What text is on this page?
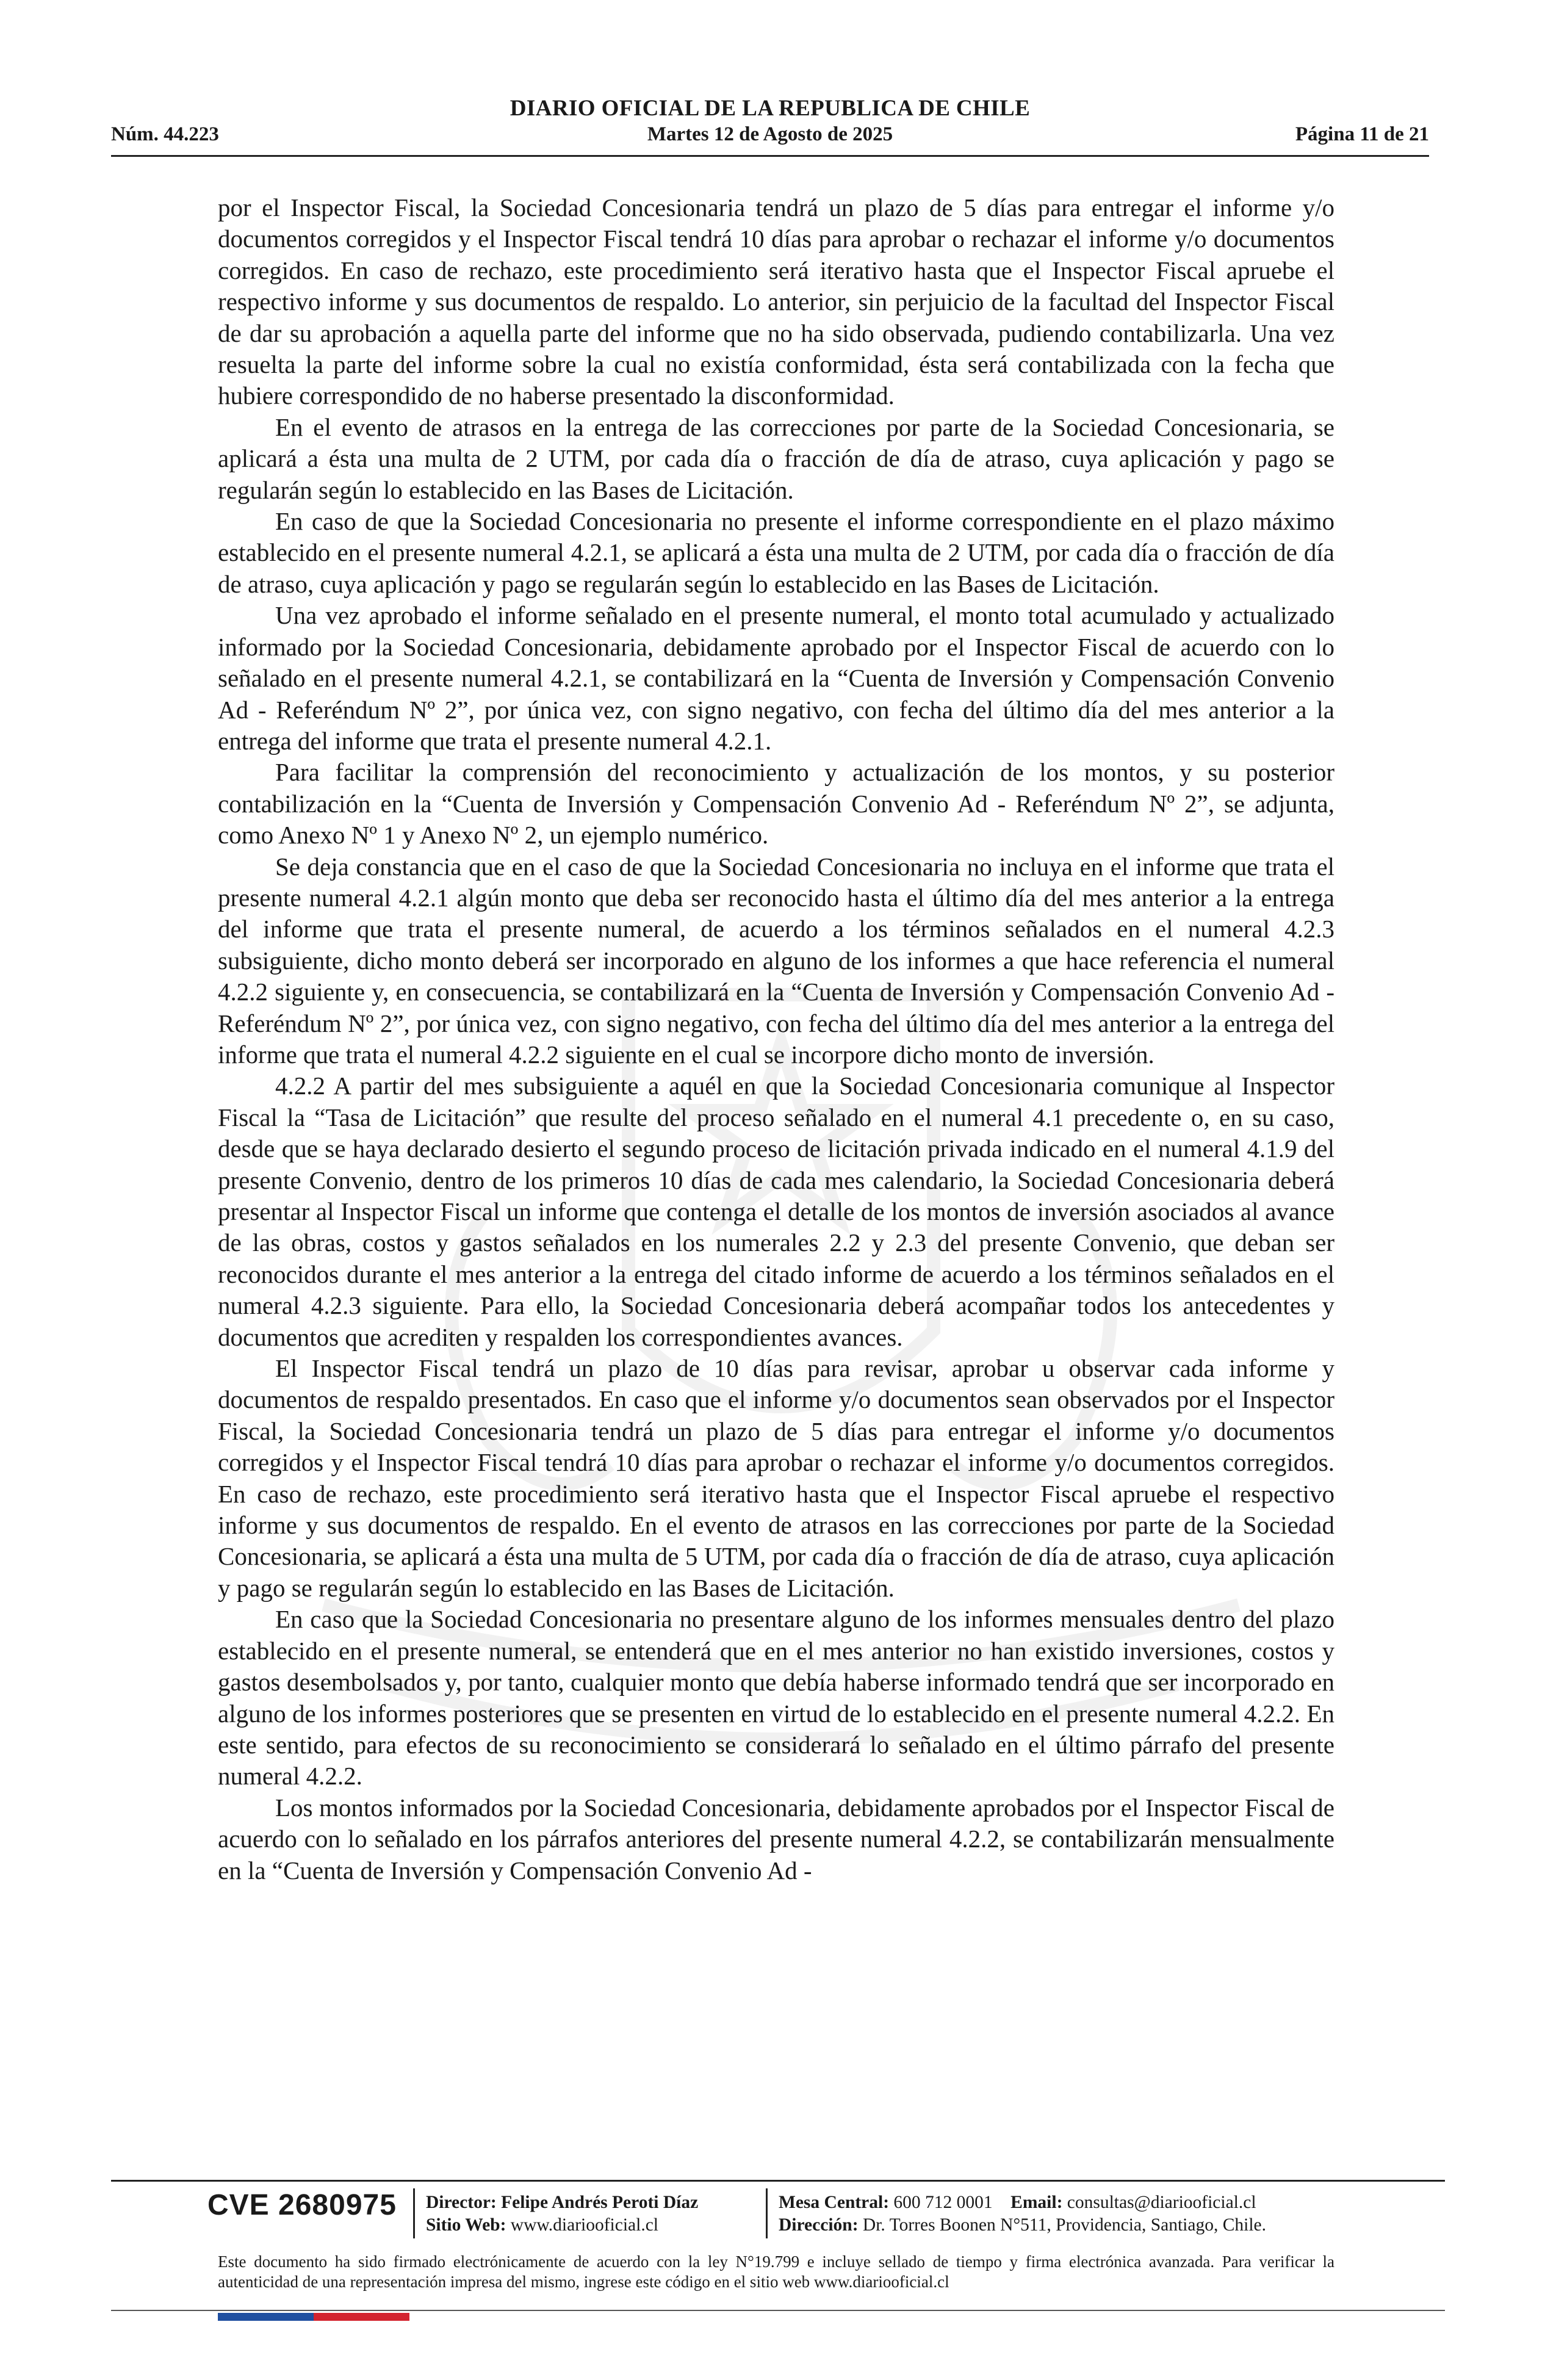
DIARIO OFICIAL DE LA REPUBLICA DE CHILE
Núm. 44.223	Martes 12 de Agosto de 2025	Página 11 de 21

por el Inspector Fiscal, la Sociedad Concesionaria tendrá un plazo de 5 días para entregar el informe y/o documentos corregidos y el Inspector Fiscal tendrá 10 días para aprobar o rechazar el informe y/o documentos corregidos. En caso de rechazo, este procedimiento será iterativo hasta que el Inspector Fiscal apruebe el respectivo informe y sus documentos de respaldo. Lo anterior, sin perjuicio de la facultad del Inspector Fiscal de dar su aprobación a aquella parte del informe que no ha sido observada, pudiendo contabilizarla. Una vez resuelta la parte del informe sobre la cual no existía conformidad, ésta será contabilizada con la fecha que hubiere correspondido de no haberse presentado la disconformidad.

En el evento de atrasos en la entrega de las correcciones por parte de la Sociedad Concesionaria, se aplicará a ésta una multa de 2 UTM, por cada día o fracción de día de atraso, cuya aplicación y pago se regularán según lo establecido en las Bases de Licitación.

En caso de que la Sociedad Concesionaria no presente el informe correspondiente en el plazo máximo establecido en el presente numeral 4.2.1, se aplicará a ésta una multa de 2 UTM, por cada día o fracción de día de atraso, cuya aplicación y pago se regularán según lo establecido en las Bases de Licitación.

Una vez aprobado el informe señalado en el presente numeral, el monto total acumulado y actualizado informado por la Sociedad Concesionaria, debidamente aprobado por el Inspector Fiscal de acuerdo con lo señalado en el presente numeral 4.2.1, se contabilizará en la “Cuenta de Inversión y Compensación Convenio Ad - Referéndum Nº 2”, por única vez, con signo negativo, con fecha del último día del mes anterior a la entrega del informe que trata el presente numeral 4.2.1.

Para facilitar la comprensión del reconocimiento y actualización de los montos, y su posterior contabilización en la “Cuenta de Inversión y Compensación Convenio Ad - Referéndum Nº 2”, se adjunta, como Anexo Nº 1 y Anexo Nº 2, un ejemplo numérico.

Se deja constancia que en el caso de que la Sociedad Concesionaria no incluya en el informe que trata el presente numeral 4.2.1 algún monto que deba ser reconocido hasta el último día del mes anterior a la entrega del informe que trata el presente numeral, de acuerdo a los términos señalados en el numeral 4.2.3 subsiguiente, dicho monto deberá ser incorporado en alguno de los informes a que hace referencia el numeral 4.2.2 siguiente y, en consecuencia, se contabilizará en la “Cuenta de Inversión y Compensación Convenio Ad - Referéndum Nº 2”, por única vez, con signo negativo, con fecha del último día del mes anterior a la entrega del informe que trata el numeral 4.2.2 siguiente en el cual se incorpore dicho monto de inversión.

4.2.2 A partir del mes subsiguiente a aquél en que la Sociedad Concesionaria comunique al Inspector Fiscal la “Tasa de Licitación” que resulte del proceso señalado en el numeral 4.1 precedente o, en su caso, desde que se haya declarado desierto el segundo proceso de licitación privada indicado en el numeral 4.1.9 del presente Convenio, dentro de los primeros 10 días de cada mes calendario, la Sociedad Concesionaria deberá presentar al Inspector Fiscal un informe que contenga el detalle de los montos de inversión asociados al avance de las obras, costos y gastos señalados en los numerales 2.2 y 2.3 del presente Convenio, que deban ser reconocidos durante el mes anterior a la entrega del citado informe de acuerdo a los términos señalados en el numeral 4.2.3 siguiente. Para ello, la Sociedad Concesionaria deberá acompañar todos los antecedentes y documentos que acrediten y respalden los correspondientes avances.

El Inspector Fiscal tendrá un plazo de 10 días para revisar, aprobar u observar cada informe y documentos de respaldo presentados. En caso que el informe y/o documentos sean observados por el Inspector Fiscal, la Sociedad Concesionaria tendrá un plazo de 5 días para entregar el informe y/o documentos corregidos y el Inspector Fiscal tendrá 10 días para aprobar o rechazar el informe y/o documentos corregidos. En caso de rechazo, este procedimiento será iterativo hasta que el Inspector Fiscal apruebe el respectivo informe y sus documentos de respaldo. En el evento de atrasos en las correcciones por parte de la Sociedad Concesionaria, se aplicará a ésta una multa de 5 UTM, por cada día o fracción de día de atraso, cuya aplicación y pago se regularán según lo establecido en las Bases de Licitación.

En caso que la Sociedad Concesionaria no presentare alguno de los informes mensuales dentro del plazo establecido en el presente numeral, se entenderá que en el mes anterior no han existido inversiones, costos y gastos desembolsados y, por tanto, cualquier monto que debía haberse informado tendrá que ser incorporado en alguno de los informes posteriores que se presenten en virtud de lo establecido en el presente numeral 4.2.2. En este sentido, para efectos de su reconocimiento se considerará lo señalado en el último párrafo del presente numeral 4.2.2.

Los montos informados por la Sociedad Concesionaria, debidamente aprobados por el Inspector Fiscal de acuerdo con lo señalado en los párrafos anteriores del presente numeral 4.2.2, se contabilizarán mensualmente en la “Cuenta de Inversión y Compensación Convenio Ad -

CVE 2680975 Director: Felipe Andrés Peroti Díaz
Sitio Web: www.diariooficial.cl
Mesa Central: 600 712 0001 Email: consultas@diariooficial.cl
Dirección: Dr. Torres Boonen N°511, Providencia, Santiago, Chile.
Este documento ha sido firmado electrónicamente de acuerdo con la ley N°19.799 e incluye sellado de tiempo y firma electrónica avanzada. Para verificar la autenticidad de una representación impresa del mismo, ingrese este código en el sitio web www.diariooficial.cl
